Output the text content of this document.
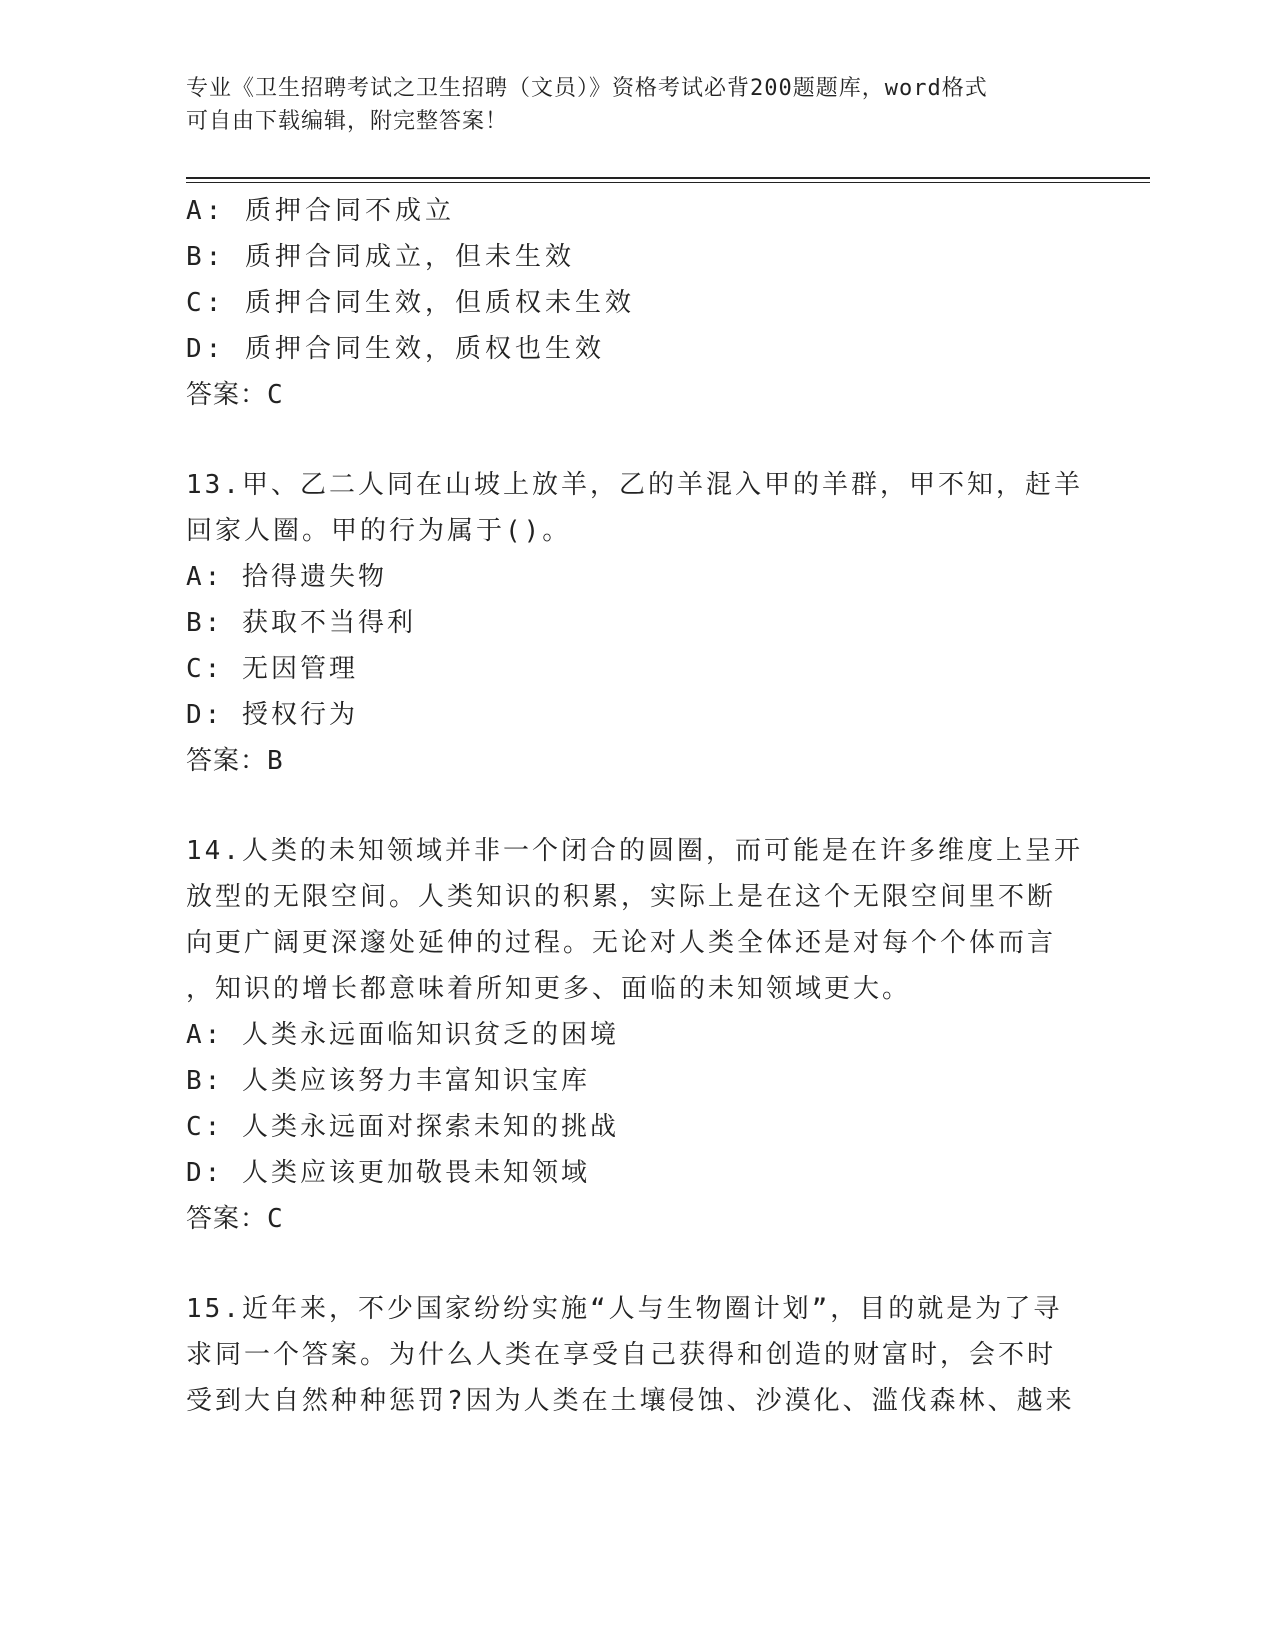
专业《卫生招聘考试之卫生招聘（文员）》资格考试必背200题题库，word格式
可自由下载编辑，附完整答案！
A: 质押合同不成立
B: 质押合同成立，但未生效
C: 质押合同生效，但质权未生效
D: 质押合同生效，质权也生效
答案：C
13.甲、乙二人同在山坡上放羊，乙的羊混入甲的羊群，甲不知，赶羊
回家人圈。甲的行为属于()。
A: 拾得遗失物
B: 获取不当得利
C: 无因管理
D: 授权行为
答案：B
14.人类的未知领域并非一个闭合的圆圈，而可能是在许多维度上呈开
放型的无限空间。人类知识的积累，实际上是在这个无限空间里不断
向更广阔更深邃处延伸的过程。无论对人类全体还是对每个个体而言
，知识的增长都意味着所知更多、面临的未知领域更大。
A: 人类永远面临知识贫乏的困境
B: 人类应该努力丰富知识宝库
C: 人类永远面对探索未知的挑战
D: 人类应该更加敬畏未知领域
答案：C
15.近年来，不少国家纷纷实施“人与生物圈计划”，目的就是为了寻
求同一个答案。为什么人类在享受自己获得和创造的财富时，会不时
受到大自然种种惩罚?因为人类在土壤侵蚀、沙漠化、滥伐森林、越来
